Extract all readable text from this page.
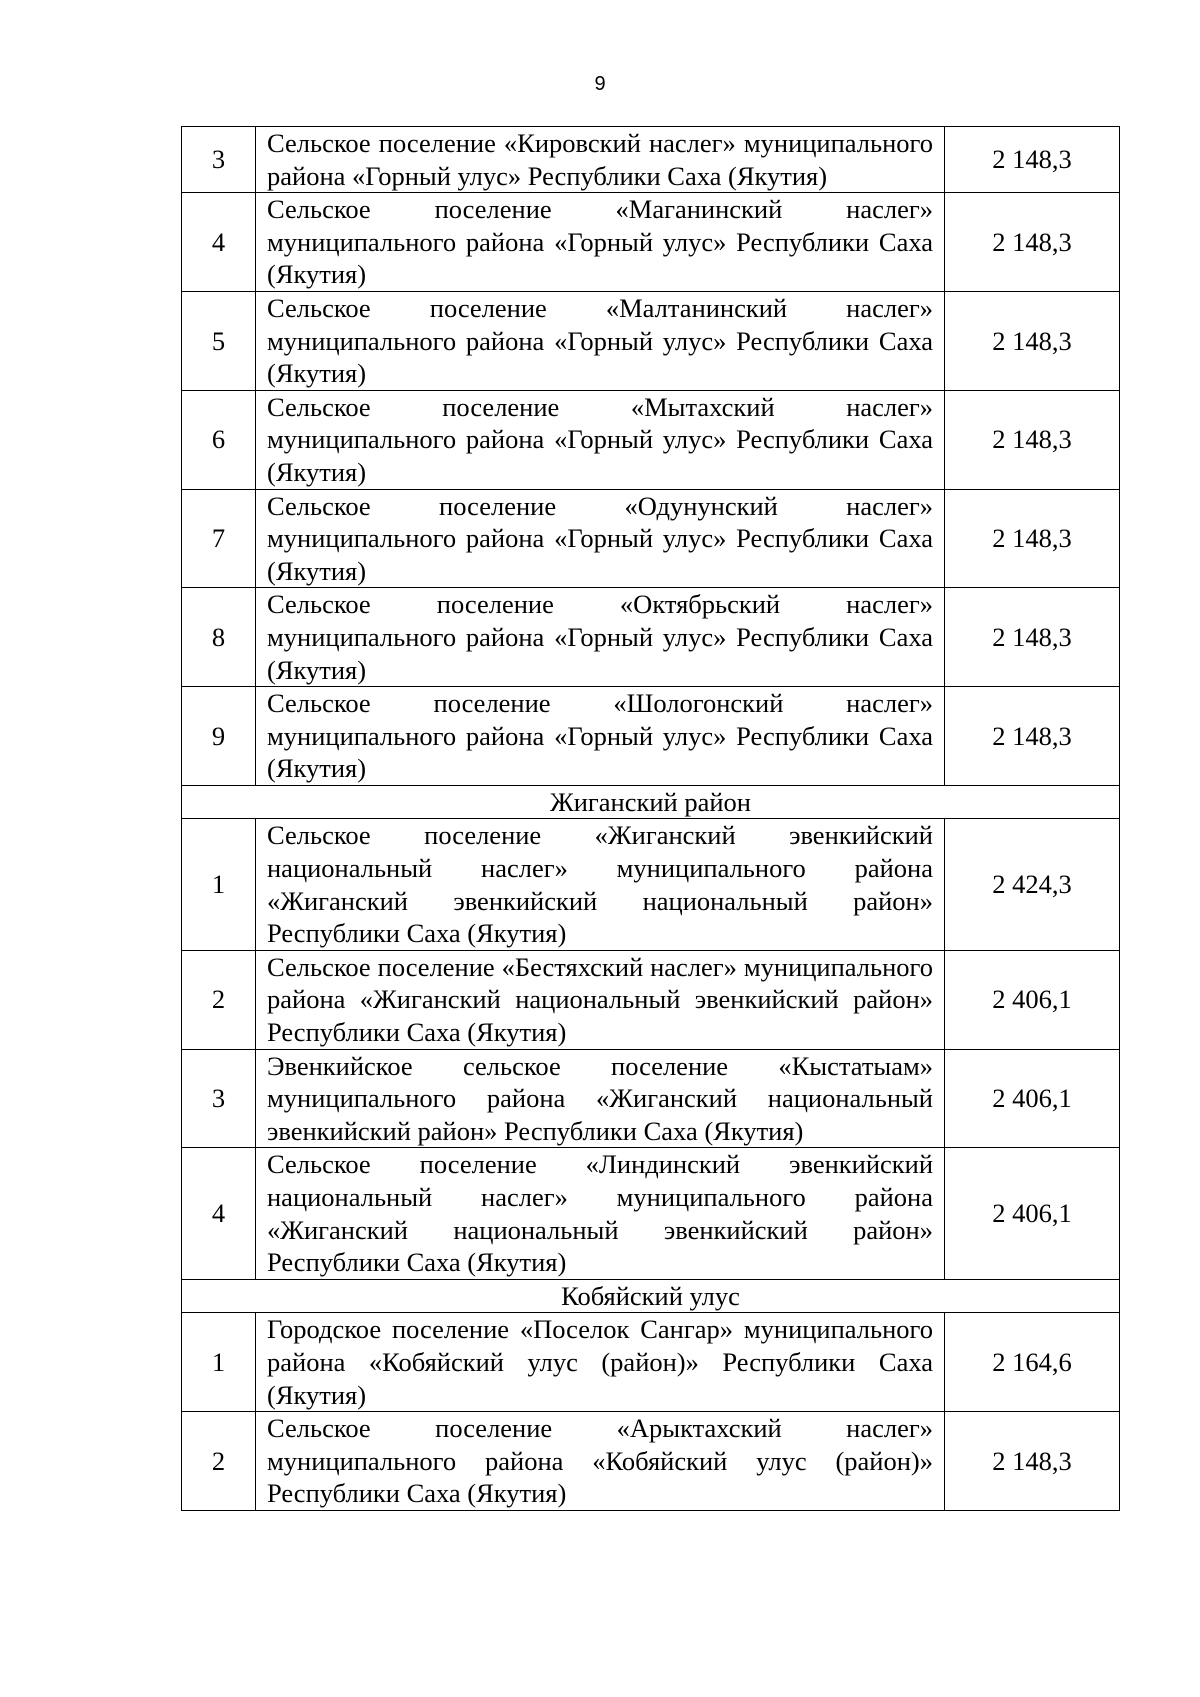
9
3	Сельское поселение «Кировский наслег» муниципального района «Горный улус» Республики Саха (Якутия)	2 148,3
4	Сельское поселение «Маганинский наслег» муниципального района «Горный улус» Республики Саха (Якутия)	2 148,3
5	Сельское поселение «Малтанинский наслег» муниципального района «Горный улус» Республики Саха (Якутия)	2 148,3
6	Сельское поселение «Мытахский наслег» муниципального района «Горный улус» Республики Саха (Якутия)	2 148,3
7	Сельское поселение «Одунунский наслег» муниципального района «Горный улус» Республики Саха (Якутия)	2 148,3
8	Сельское поселение «Октябрьский наслег» муниципального района «Горный улус» Республики Саха (Якутия)	2 148,3
9	Сельское поселение «Шологонский наслег» муниципального района «Горный улус» Республики Саха (Якутия)	2 148,3
Жиганский район		
1	Сельское поселение «Жиганский эвенкийский национальный наслег» муниципального района «Жиганский эвенкийский национальный район» Республики Саха (Якутия)	2 424,3
2	Сельское поселение «Бестяхский наслег» муниципального района «Жиганский национальный эвенкийский район» Республики Саха (Якутия)	2 406,1
3	Эвенкийское сельское поселение «Кыстатыам» муниципального района «Жиганский национальный эвенкийский район» Республики Саха (Якутия)	2 406,1
4	Сельское поселение «Линдинский эвенкийский национальный наслег» муниципального района «Жиганский национальный эвенкийский район» Республики Саха (Якутия)	2 406,1
Кобяйский улус		
1	Городское поселение «Поселок Сангар» муниципального района «Кобяйский улус (район)» Республики Саха (Якутия)	2 164,6
2	Сельское поселение «Арыктахский наслег» муниципального района «Кобяйский улус (район)» Республики Саха (Якутия)	2 148,3
